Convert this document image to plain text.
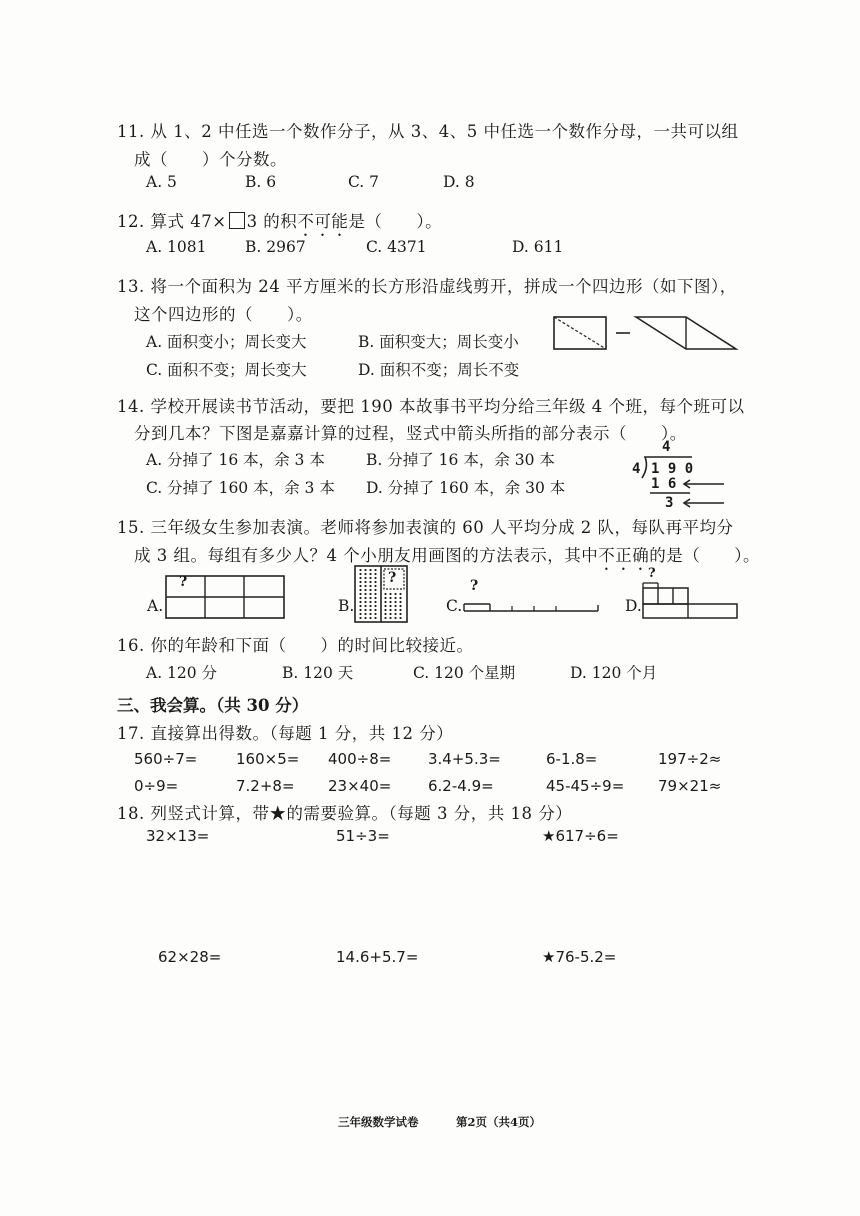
11. 从 1、2 中任选一个数作分子，从 3、4、5 中任选一个数作分母，一共可以组
成（　　）个分数。
A. 5	B. 6	C. 7	D. 8
12. 算式 47× 3 的积不可能是（　　）。
A. 1081 B. 2967	C. 4371	D. 611
13. 将一个面积为 24 平方厘米的长方形沿虚线剪开，拼成一个四边形（如下图），
这个四边形的（　　）。
A. 面积变小；周长变大	B. 面积变大；周长变小
C. 面积不变；周长变大	D. 面积不变；周长不变
14. 学校开展读书节活动，要把 190 本故事书平均分给三年级 4 个班，每个班可以
分到几本？下图是嘉嘉计算的过程，竖式中箭头所指的部分表示（　　）。
A. 分掉了 16 本，余 3 本	B. 分掉了 16 本，余 30 本
C. 分掉了 160 本，余 3 本 D. 分掉了 160 本，余 30 本
4
4 1 9 0
1 6
3
15. 三年级女生参加表演。老师将参加表演的 60 人平均分成 2 队，每队再平均分
成 3 组。每组有多少人？4 个小朋友用画图的方法表示，其中不正确的是（　　）。
A.
?
B.
?
C.
?
D.
?
16. 你的年龄和下面（　　）的时间比较接近。
A. 120 分	B. 120 天	C. 120 个星期	D. 120 个月
三、我会算。（共 30 分）
17. 直接算出得数。（每题 1 分，共 12 分）
560÷7=	160×5= 400÷8= 3.4+5.3=	6-1.8=	197÷2≈
0÷9=	7.2+8= 23×40= 6.2-4.9=	45-45÷9= 79×21≈
18. 列竖式计算，带★的需要验算。（每题 3 分，共 18 分）
32×13=	51÷3=	★617÷6=
62×28=	14.6+5.7=	★76-5.2=
三年级数学试卷	第2页（共4页）
